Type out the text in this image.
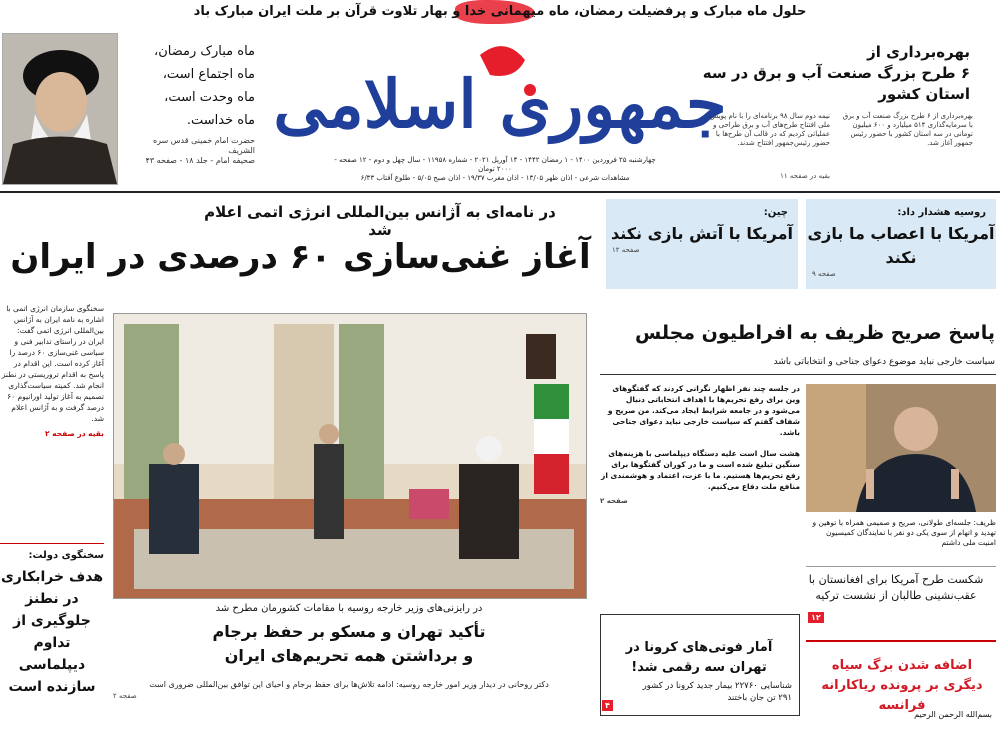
حلول ماه مبارک و پرفضیلت رمضان، ماه میهمانی خدا و بهار تلاوت قرآن بر ملت ایران مبارک باد
ماه مبارک رمضان،
ماه اجتماع است،
ماه وحدت است،
ماه خداست.
حضرت امام خمینی قدس سره الشریف
صحیفه امام - جلد ۱۸ - صفحه ۴۳
جمهوری اسلامی
چهارشنبه ۲۵ فروردین ۱۴۰۰ - ۱ رمضان ۱۴۴۲ - ۱۴ آوریل ۲۰۲۱ - شماره ۱۱۹۵۸ - سال چهل و دوم - ۱۲ صفحه - ۲۰۰۰ تومان
مشاهدات شرعی - اذان ظهر ۱۳/۰۵ - اذان مغرب ۱۹/۳۷ - اذان صبح ۵/۰۵ - طلوع آفتاب ۶/۳۳
بهره‌برداری از
۶ طرح بزرگ صنعت آب و برق در سه استان کشور
بهره‌برداری از ۶ طرح بزرگ صنعت آب و برق با سرمایه‌گذاری ۵۱۴ میلیارد و ۶۰۰ میلیون تومانی در سه استان کشور با حضور رئیس جمهور آغاز شد.
نیمه دوم سال ۹۸ برنامه‌ای را با نام پویش ملی افتتاح طرح‌های آب و برق طراحی و عملیاتی کردیم که در قالب آن طرح‌ها با حضور رئیس‌جمهور افتتاح شدند.
بقیه در صفحه ۱۱
روسیه هشدار داد:
آمریکا با اعصاب ما بازی نکند
صفحه ۹
چین:
آمریکا با آتش بازی نکند
صفحه ۱۲
در نامه‌ای به آژانس بین‌المللی انرژی اتمی اعلام شد
آغاز غنی‌سازی ۶۰ درصدی در ایران
سخنگوی سازمان انرژی اتمی با اشاره به نامه ایران به آژانس بین‌المللی انرژی اتمی گفت: ایران در راستای تدابیر فنی و سیاسی غنی‌سازی ۶۰ درصد را آغاز کرده است. این اقدام در پاسخ به اقدام تروریستی در نطنز انجام شد. کمیته سیاست‌گذاری تصمیم به آغاز تولید اورانیوم ۶۰ درصد گرفت و به آژانس اعلام شد.
بقیه در صفحه ۲
سخنگوی دولت:
هدف خرابکاری در نطنز جلوگیری از تداوم دیپلماسی سازنده است
در رایزنی‌های وزیر خارجه روسیه با مقامات کشورمان مطرح شد
تأکید تهران و مسکو بر حفظ برجام
و برداشتن همه تحریم‌های ایران
دکتر روحانی در دیدار وزیر امور خارجه روسیه: ادامه تلاش‌ها برای حفظ برجام و احیای این توافق بین‌المللی ضروری است
صفحه ۲
پاسخ صریح ظریف به افراطیون مجلس
سیاست خارجی نباید موضوع دعوای جناحی و انتخاباتی باشد
در جلسه چند نفر اظهار نگرانی کردند که گفتگوهای وین برای رفع تحریم‌ها با اهداف انتخاباتی دنبال می‌شود و در جامعه شرایط ایجاد می‌کند. من صریح و شفاف گفتم که سیاست خارجی نباید دعوای جناحی باشد.
هشت سال است علیه دستگاه دیپلماسی با هزینه‌های سنگین تبلیغ شده است و ما در کوران گفتگوها برای رفع تحریم‌ها هستیم. ما با عزت، اعتماد و هوشمندی از منافع ملت دفاع می‌کنیم.
صفحه ۲
ظریف: جلسه‌ای طولانی، صریح و صمیمی همراه با توهین و تهدید و اتهام از سوی یکی دو نفر با نمایندگان کمیسیون امنیت ملی داشتم
شکست طرح آمریکا برای افغانستان با عقب‌نشینی طالبان از نشست ترکیه
۱۲
آمار فوتی‌های کرونا در تهران سه رقمی شد!
شناسایی ۲۲۷۶۰ بیمار جدید کرونا در کشور
۲۹۱ تن جان باختند
۴
اضافه شدن برگ سیاه دیگری بر پرونده ریاکارانه فرانسه
بسم‌الله الرحمن الرحیم
